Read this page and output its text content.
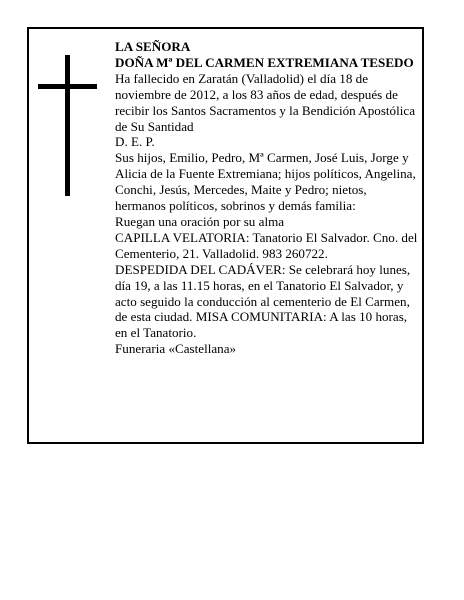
LA SEÑORA

DOÑA Mª DEL CARMEN EXTREMIANA TESEDO

Ha fallecido en Zaratán (Valladolid) el día 18 de noviembre de 2012, a los 83 años de edad, después de recibir los Santos Sacramentos y la Bendición Apostólica de Su Santidad

D. E. P.

Sus hijos, Emilio, Pedro, Mª Carmen, José Luis, Jorge y Alicia de la Fuente Extremiana; hijos políticos, Angelina, Conchi, Jesús, Mercedes, Maite y Pedro; nietos, hermanos políticos, sobrinos y demás familia:

Ruegan una oración por su alma

CAPILLA VELATORIA: Tanatorio El Salvador. Cno. del Cementerio, 21. Valladolid. 983 260722.

DESPEDIDA DEL CADÁVER: Se celebrará hoy lunes, día 19, a las 11.15 horas, en el Tanatorio El Salvador, y acto seguido la conducción al cementerio de El Carmen, de esta ciudad. MISA COMUNITARIA: A las 10 horas, en el Tanatorio.

Funeraria «Castellana»
